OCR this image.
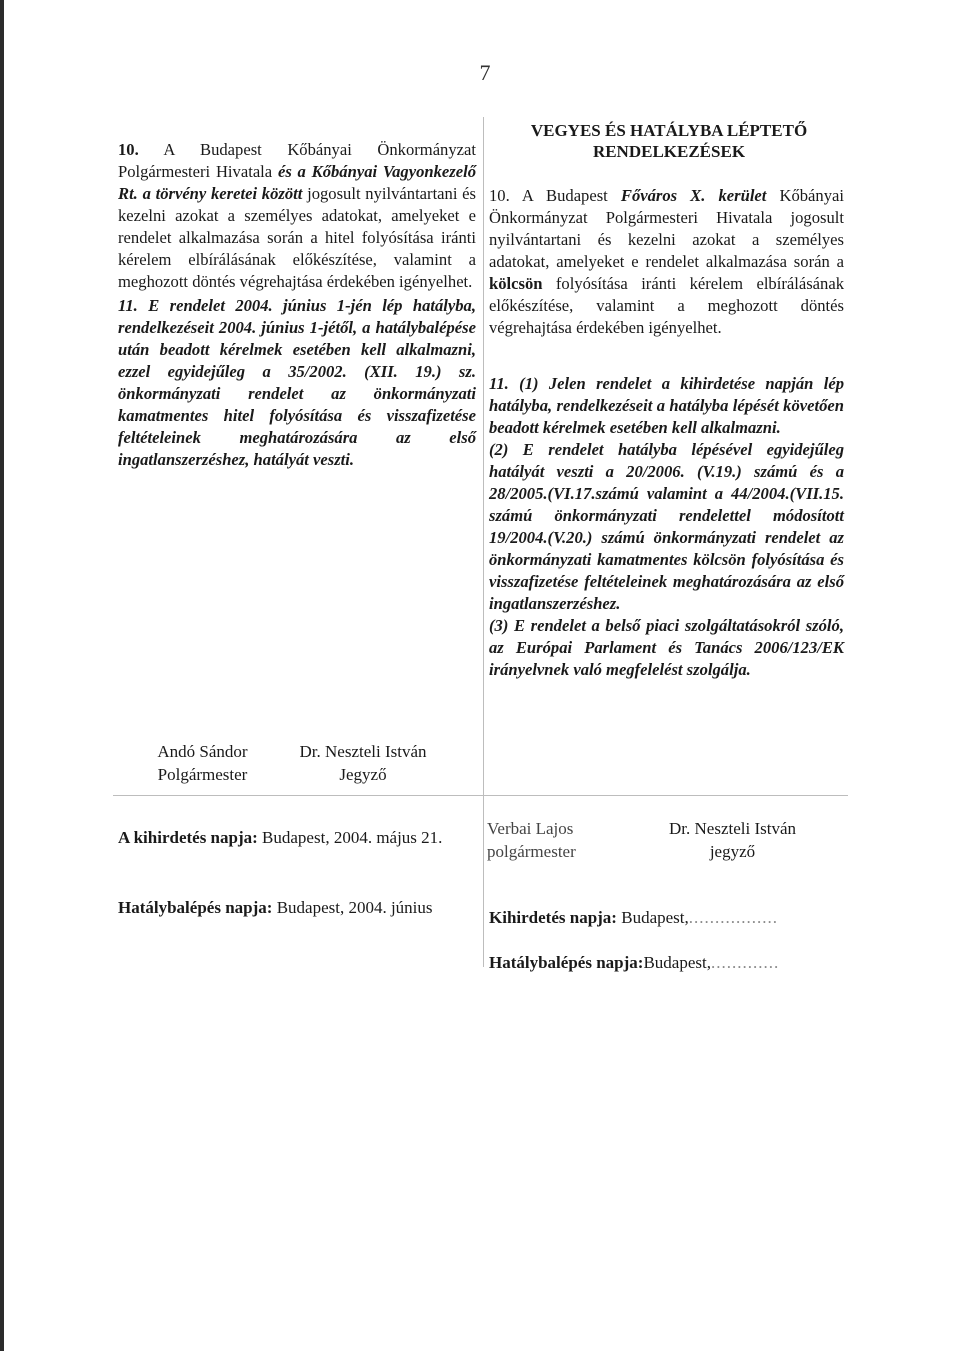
7

10. A Budapest Kőbányai Önkormányzat Polgármesteri Hivatala és a Kőbányai Vagyonkezelő Rt. a törvény keretei között jogosult nyilvántartani és kezelni azokat a személyes adatokat, amelyeket e rendelet alkalmazása során a hitel folyósítása iránti kérelem elbírálásának előkészítése, valamint a meghozott döntés végrehajtása érdekében igényelhet.

11. E rendelet 2004. június 1-jén lép hatályba, rendelkezéseit 2004. június 1-jétől, a hatálybalépése után beadott kérelmek esetében kell alkalmazni, ezzel egyidejűleg a 35/2002. (XII. 19.) sz. önkormányzati rendelet az önkormányzati kamatmentes hitel folyósítása és visszafizetése feltételeinek meghatározására az első ingatlanszerzéshez, hatályát veszti.

Andó Sándor
Polgármester
Dr. Neszteli István
Jegyző
A kihirdetés napja: Budapest, 2004. május 21.
Hatálybalépés napja: Budapest, 2004. június
VEGYES ÉS HATÁLYBA LÉPTETŐ RENDELKEZÉSEK

10. A Budapest Főváros X. kerület Kőbányai Önkormányzat Polgármesteri Hivatala jogosult nyilvántartani és kezelni azokat a személyes adatokat, amelyeket e rendelet alkalmazása során a kölcsön folyósítása iránti kérelem elbírálásának előkészítése, valamint a meghozott döntés végrehajtása érdekében igényelhet.

11. (1) Jelen rendelet a kihirdetése napján lép hatályba, rendelkezéseit a hatályba lépését követően beadott kérelmek esetében kell alkalmazni.

(2) E rendelet hatályba lépésével egyidejűleg hatályát veszti a 20/2006. (V.19.) számú és a 28/2005.(VI.17.számú valamint a 44/2004.(VII.15. számú önkormányzati rendelettel módosított 19/2004.(V.20.) számú önkormányzati rendelet az önkormányzati kamatmentes kölcsön folyósítása és visszafizetése feltételeinek meghatározására az első ingatlanszerzéshez.

(3) E rendelet a belső piaci szolgáltatásokról szóló, az Európai Parlament és Tanács 2006/123/EK irányelvnek való megfelelést szolgálja.

Verbai Lajos
polgármester
Dr. Neszteli István
jegyző
Kihirdetés napja: Budapest,.................
Hatálybalépés napja:Budapest,.............
